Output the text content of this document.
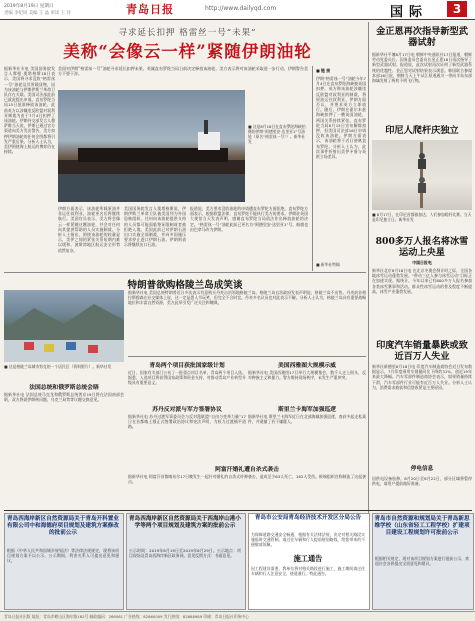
2019年8月19日 星期日
责编 李纪同 美编 王 晶 审读 王 洋	青岛日报	http://www.dailyqd.com	国际	3
寻求延长扣押 格雷丝一号“未果”
美称“会像云一样”紧随伊朗油轮
据新华社专电 美国国务院发言人摩根·奥塔格斯18日表示，美国将寻求没收“格雷丝一号”油轮及其所载货物，因为该油轮与伊朗伊斯兰革命卫队存在关联。美国司法部此前已就此提出申请。直布罗陀当局15日批准释放该油轮，此前英方以涉嫌违反欧盟对叙利亚制裁为由于7月4日扣押了该油轮。伊朗外交部发言人穆萨维当天说，伊朗已通过官方渠道向美方发出警告，美方扣押伊朗油轮的任何企图都将引发严重后果。分析人士认为，美伊围绕海上航运的博弈仍在持续。
美国对伊朗“格雷丝一号”油轮寻求延长扣押未果，英属直布罗陀当局日前决定释放该油轮。美方表示将对该油轮采取进一步行动，伊朗警告美方不要干涉。
■ 这是8月18日在直布罗陀海峡拍摄的伊朗“阿德里安·达里亚1”号油轮（原名“格雷丝一号”）。新华社发
伊朗方面表示，该油轮所载原油并非运往叙利亚。油轮更名后将继续航行。美国官员表示，美方将会像云一样紧随这艘油轮，并会对任何向其提供帮助的人员实施制裁。分析人士指出，围绕该油轮的较量显示，美伊之间的紧张关系短期内难以缓和，波斯湾地区航运安全形势依然复杂。
美国国务院发言人奥塔格斯说，伊朗伊斯兰革命卫队被美国列为外国恐怖组织，任何向该油轮提供支持的人员都可能面临签证限制或者被拒绝入境。美国此前已对伊朗石油出口实施全面制裁，并向多国施压要求停止进口伊朗石油。伊朗则表示将继续出口石油。
报道说，美方要求没收油轮的申请遭直布罗陀方面拒绝。直布罗陀方面表示，根据欧盟法律，直布罗陀不能执行美方的要求。伊朗驻英国大使馆当天发表声明，感谢直布罗陀当局依法作出释放油轮的决定。“格雷丝一号”油轮此前已更名为“阿德里安·达里亚1”号，船旗也由巴拿马改为伊朗。
■ 链 接
伊朗“格雷丝一号”油轮今年7月4日在直布罗陀海峡被英国扣押。英方称该油轮涉嫌违反欧盟对叙利亚的制裁，将原油运往叙利亚。伊朗方面否认，并要求英方立即放行。随后，伊朗在霍尔木兹海峡扣押了一艘英国油轮，两国关系持续紧张。直布罗陀当局8月15日宣布解除扣押，但美国司法部16日申请没收该油轮。伊朗方面表示，该油轮将于近日驶离直布罗陀。分析人士认为，此次事件折射出美伊矛盾与英欧立场差异。
■ 新华社特稿
金正恩再次指导新型武器试射
据新华社平壤8月17日电 朝鲜中央通讯社17日报道，朝鲜劳动党委员长、国务委员会委员长金正恩16日再次指导了新型武器试射。报道说，此次试射再次证明了新型武器系统的优越性。金正恩对试射结果表示满意。韩国联合参谋本部16日说，朝鲜当天上午从江原道通川一带向半岛东部海域发射了两枚不明飞行物。
印尼人爬杆庆独立
■ 8月17日，在印尼首都雅加达，人们参加爬杆比赛。当天是印尼独立日。新华社发
800多万人报名将冰雪运动上央星
中国日报电
新华社北京8月18日电 在北京冬奥会倒计时之际，全国各地冰雪运动蓬勃发展。“带动三亿人参与冰雪运动”目标正在加速实现。据统计，今年以来已有800多万人报名参加各类冰雪赛事和活动。群众性冰雪运动的普及程度不断提高，冰雪产业蓬勃发展。
印度汽车销量暴跌或致近百万人失业
新华社新德里8月18日电 印度汽车制造商协会近日发布数据显示，7月印度乘用车销量同比下降约31%，创近19年来最大降幅。汽车零部件制造商协会表示，如果销量持续下滑，汽车零部件行业可能有近百万人失业。分析人士认为，消费需求疲软和信贷收紧是主要原因。
特朗普欲购格陵兰岛成笑谈
■ 这是格陵兰岛城市努克的一个居民区（资料照片）。新华社发
据新华社电 美国总统特朗普近日多次表示有意购买丹麦自治领地格陵兰岛。格陵兰岛自治政府发表声明说，格陵兰岛不出售。丹麦前首相拉斯穆森在社交媒体上说，这一定是愚人节玩笑，但完全不合时宜。丹麦多名议员也对此表示不解。分析人士认为，格陵兰岛具有重要战略地位和丰富自然资源，美方此举引发广泛关注和嘲讽。
青岛两个项目获批国家级计划
近日，国家有关部门公布了一批重点项目名单，青岛两个项目入选。据悉，入选项目将获得国家政策和资金支持，对推动青岛产业转型升级具有重要意义。
美国西雅图大规模示威
据新华社电 美国西雅图17日举行大规模集会，数千人走上街头，反对种族主义和暴力。警方维持现场秩序，未发生严重冲突。
法国总统和俄罗斯总统会晤
据新华社电 法国总统马克龙和俄罗斯总统普京19日将在法国南部会晤，双方将就伊朗核问题、乌克兰局势等议题交换意见。
苏丹反对派与军方签署协议
据新华社电 苏丹过渡军事委员会与反对派联盟“自由与变革力量”17日在首都喀土穆正式签署政治协议和宪法声明，为权力过渡铺平道路。
斯里兰卡海军加强巡逻
据新华社电 斯里兰卡海军近日在北部海域加强巡逻，查获多起走私案件，并逮捕了若干嫌疑人。
阿富汗婚礼遭自杀式袭击
据新华社电 阿富汗首都喀布尔17日晚发生一起针对婚礼的自杀式炸弹袭击，造成至少63人死亡、182人受伤。极端组织宣称制造了这起袭击。
停电信息
因供电设备检修，8月20日至8月22日，部分区域将暂停供电，请用户提前做好准备。
青岛西海岸新区自然资源局关于青岛开科置业有限公司中和海德府项目规划及建筑方案修改的批前公示
根据《中华人民共和国城乡规划法》等法律法规规定，现将该项目规划方案予以公示，公示期间，利害关系人可提出意见和建议。
青岛西海岸新区自然资源局关于西海岸山港小学等两个项目规划及建筑方案的批前公示
公示时间：2019年8月19日至2019年8月29日。公示地点：项目现场及青岛西海岸新区政务网。意见反馈方式：书面意见。
青岛市公安局青岛经济技术开发区分局公告
为保障道路交通安全畅通，根据有关法律法规，决定对相关路段实施临时交通管制。请过往车辆和行人提前规划路线，给您带来的不便敬请谅解。
施工通告
因工程建设需要，我单位将对相关路段进行施工，施工期间请过往车辆和行人注意安全，绕道通行。特此通告。
青岛市自然资源和规划局关于青岛新思维学校（山东省轻工工程学校）扩建项目建设工程规划许可批前公示
根据相关规定，现对该项目规划方案进行批前公示，欢迎社会各界提出宝贵意见和建议。
青岛日报社出版 地址：青岛市崂山区海尔路182号 邮政编码：266061 广告热线：82860009 发行热线：82868989 印刷：青岛日报社印务中心
